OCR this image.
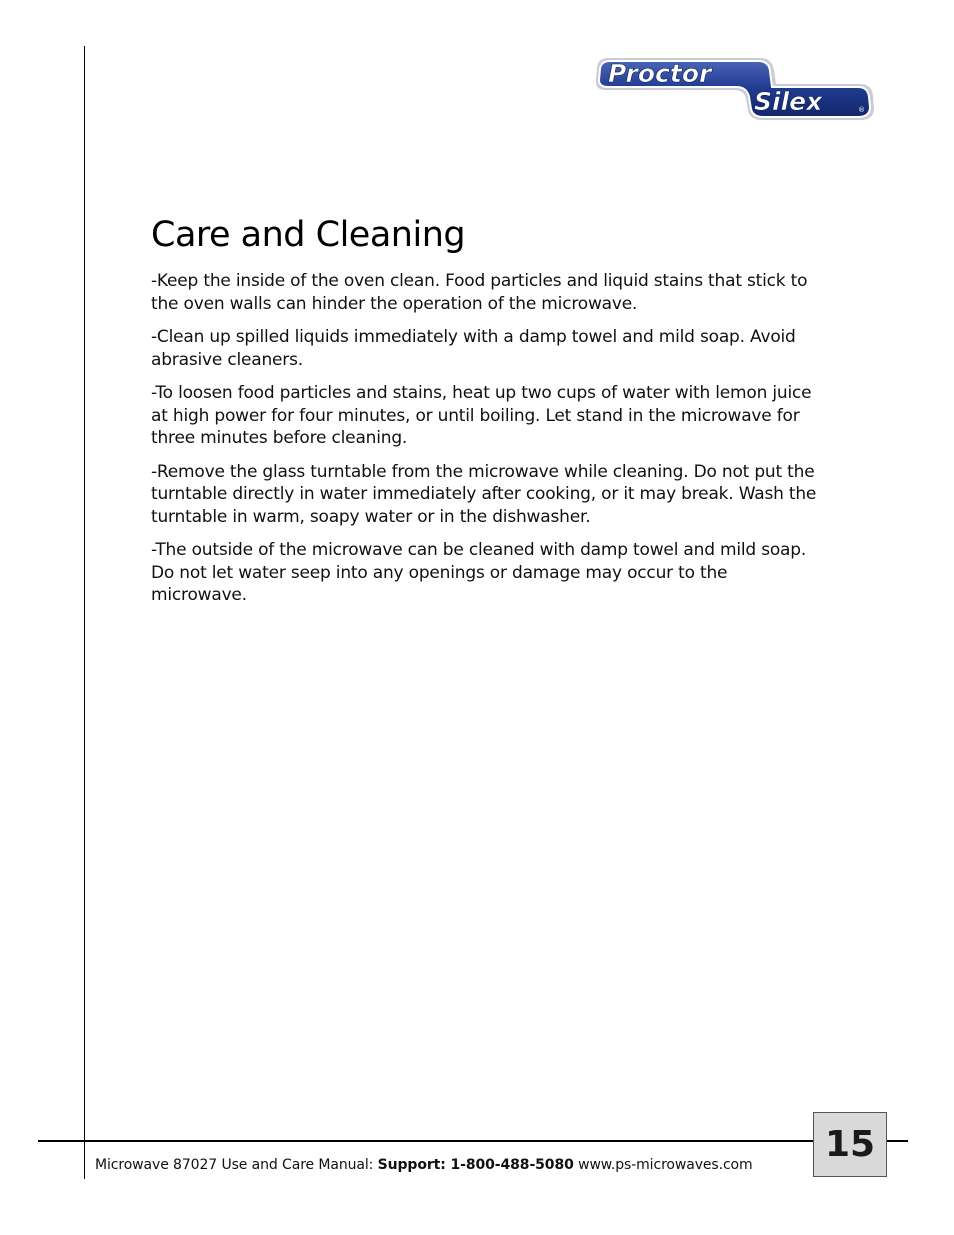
Proctor
Silex	®
Care and Cleaning

-Keep the inside of the oven clean. Food particles and liquid stains that stick to the oven walls can hinder the operation of the microwave.

-Clean up spilled liquids immediately with a damp towel and mild soap. Avoid abrasive cleaners.

-To loosen food particles and stains, heat up two cups of water with lemon juice at high power for four minutes, or until boiling. Let stand in the microwave for three minutes before cleaning.

-Remove the glass turntable from the microwave while cleaning. Do not put the turntable directly in water immediately after cooking, or it may break. Wash the turntable in warm, soapy water or in the dishwasher.

-The outside of the microwave can be cleaned with damp towel and mild soap. Do not let water seep into any openings or damage may occur to the microwave.

Microwave 87027 Use and Care Manual: Support: 1-800-488-5080 www.ps-microwaves.com 15
